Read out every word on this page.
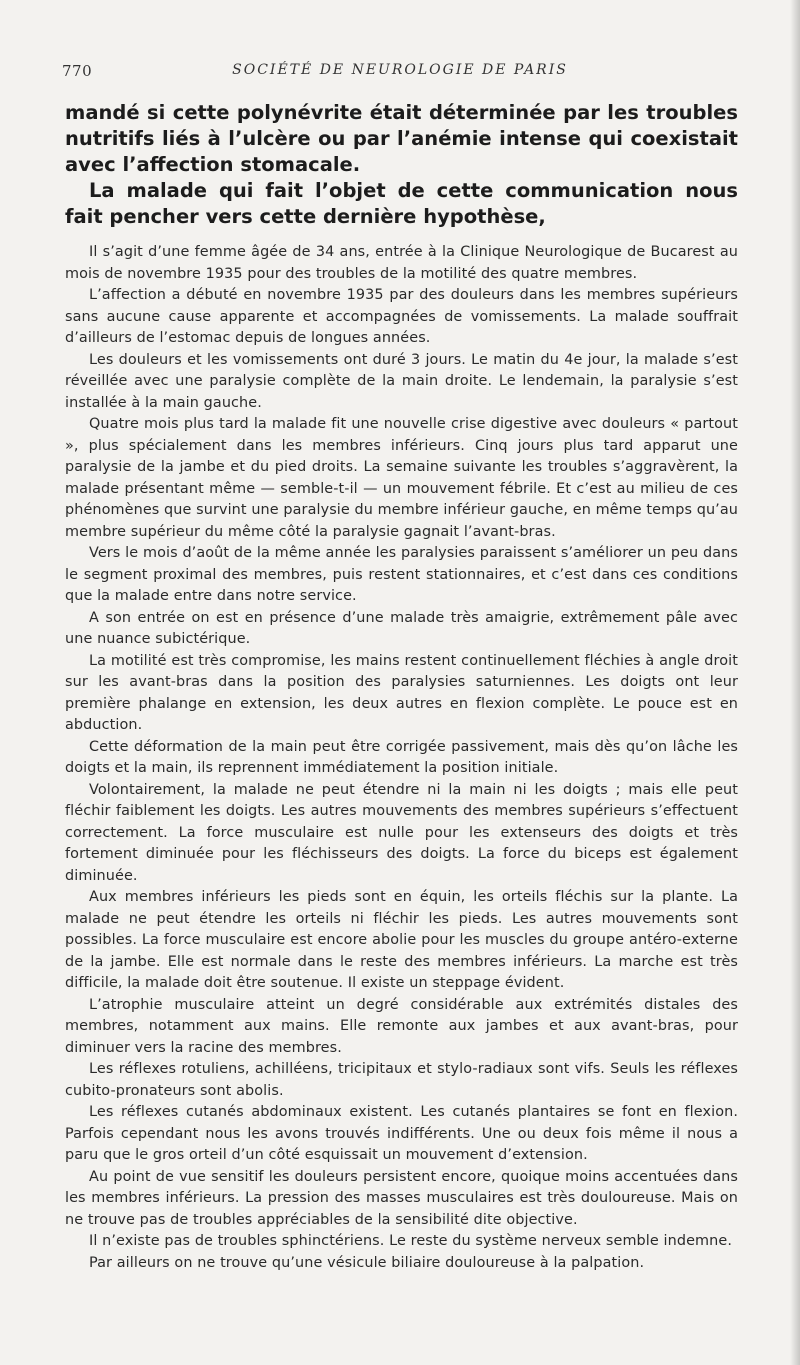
770	SOCIÉTÉ DE NEUROLOGIE DE PARIS

mandé si cette polynévrite était déterminée par les troubles nutritifs liés à l’ulcère ou par l’anémie intense qui coexistait avec l’affection stomacale.

La malade qui fait l’objet de cette communication nous fait pencher vers cette dernière hypothèse,

Il s’agit d’une femme âgée de 34 ans, entrée à la Clinique Neurologique de Bucarest au mois de novembre 1935 pour des troubles de la motilité des quatre membres.

L’affection a débuté en novembre 1935 par des douleurs dans les membres supérieurs sans aucune cause apparente et accompagnées de vomissements. La malade souffrait d’ailleurs de l’estomac depuis de longues années.

Les douleurs et les vomissements ont duré 3 jours. Le matin du 4e jour, la malade s’est réveillée avec une paralysie complète de la main droite. Le lendemain, la paralysie s’est installée à la main gauche.

Quatre mois plus tard la malade fit une nouvelle crise digestive avec douleurs « partout », plus spécialement dans les membres inférieurs. Cinq jours plus tard apparut une paralysie de la jambe et du pied droits. La semaine suivante les troubles s’aggravèrent, la malade présentant même — semble-t-il — un mouvement fébrile. Et c’est au milieu de ces phénomènes que survint une paralysie du membre inférieur gauche, en même temps qu’au membre supérieur du même côté la paralysie gagnait l’avant-bras.

Vers le mois d’août de la même année les paralysies paraissent s’améliorer un peu dans le segment proximal des membres, puis restent stationnaires, et c’est dans ces conditions que la malade entre dans notre service.

A son entrée on est en présence d’une malade très amaigrie, extrêmement pâle avec une nuance subictérique.

La motilité est très compromise, les mains restent continuellement fléchies à angle droit sur les avant-bras dans la position des paralysies saturniennes. Les doigts ont leur première phalange en extension, les deux autres en flexion complète. Le pouce est en abduction.

Cette déformation de la main peut être corrigée passivement, mais dès qu’on lâche les doigts et la main, ils reprennent immédiatement la position initiale.

Volontairement, la malade ne peut étendre ni la main ni les doigts ; mais elle peut fléchir faiblement les doigts. Les autres mouvements des membres supérieurs s’effectuent correctement. La force musculaire est nulle pour les extenseurs des doigts et très fortement diminuée pour les fléchisseurs des doigts. La force du biceps est également diminuée.

Aux membres inférieurs les pieds sont en équin, les orteils fléchis sur la plante. La malade ne peut étendre les orteils ni fléchir les pieds. Les autres mouvements sont possibles. La force musculaire est encore abolie pour les muscles du groupe antéro-externe de la jambe. Elle est normale dans le reste des membres inférieurs. La marche est très difficile, la malade doit être soutenue. Il existe un steppage évident.

L’atrophie musculaire atteint un degré considérable aux extrémités distales des membres, notamment aux mains. Elle remonte aux jambes et aux avant-bras, pour diminuer vers la racine des membres.

Les réflexes rotuliens, achilléens, tricipitaux et stylo-radiaux sont vifs. Seuls les réflexes cubito-pronateurs sont abolis.

Les réflexes cutanés abdominaux existent. Les cutanés plantaires se font en flexion. Parfois cependant nous les avons trouvés indifférents. Une ou deux fois même il nous a paru que le gros orteil d’un côté esquissait un mouvement d’extension.

Au point de vue sensitif les douleurs persistent encore, quoique moins accentuées dans les membres inférieurs. La pression des masses musculaires est très douloureuse. Mais on ne trouve pas de troubles appréciables de la sensibilité dite objective.

Il n’existe pas de troubles sphinctériens. Le reste du système nerveux semble indemne.

Par ailleurs on ne trouve qu’une vésicule biliaire douloureuse à la palpation.
